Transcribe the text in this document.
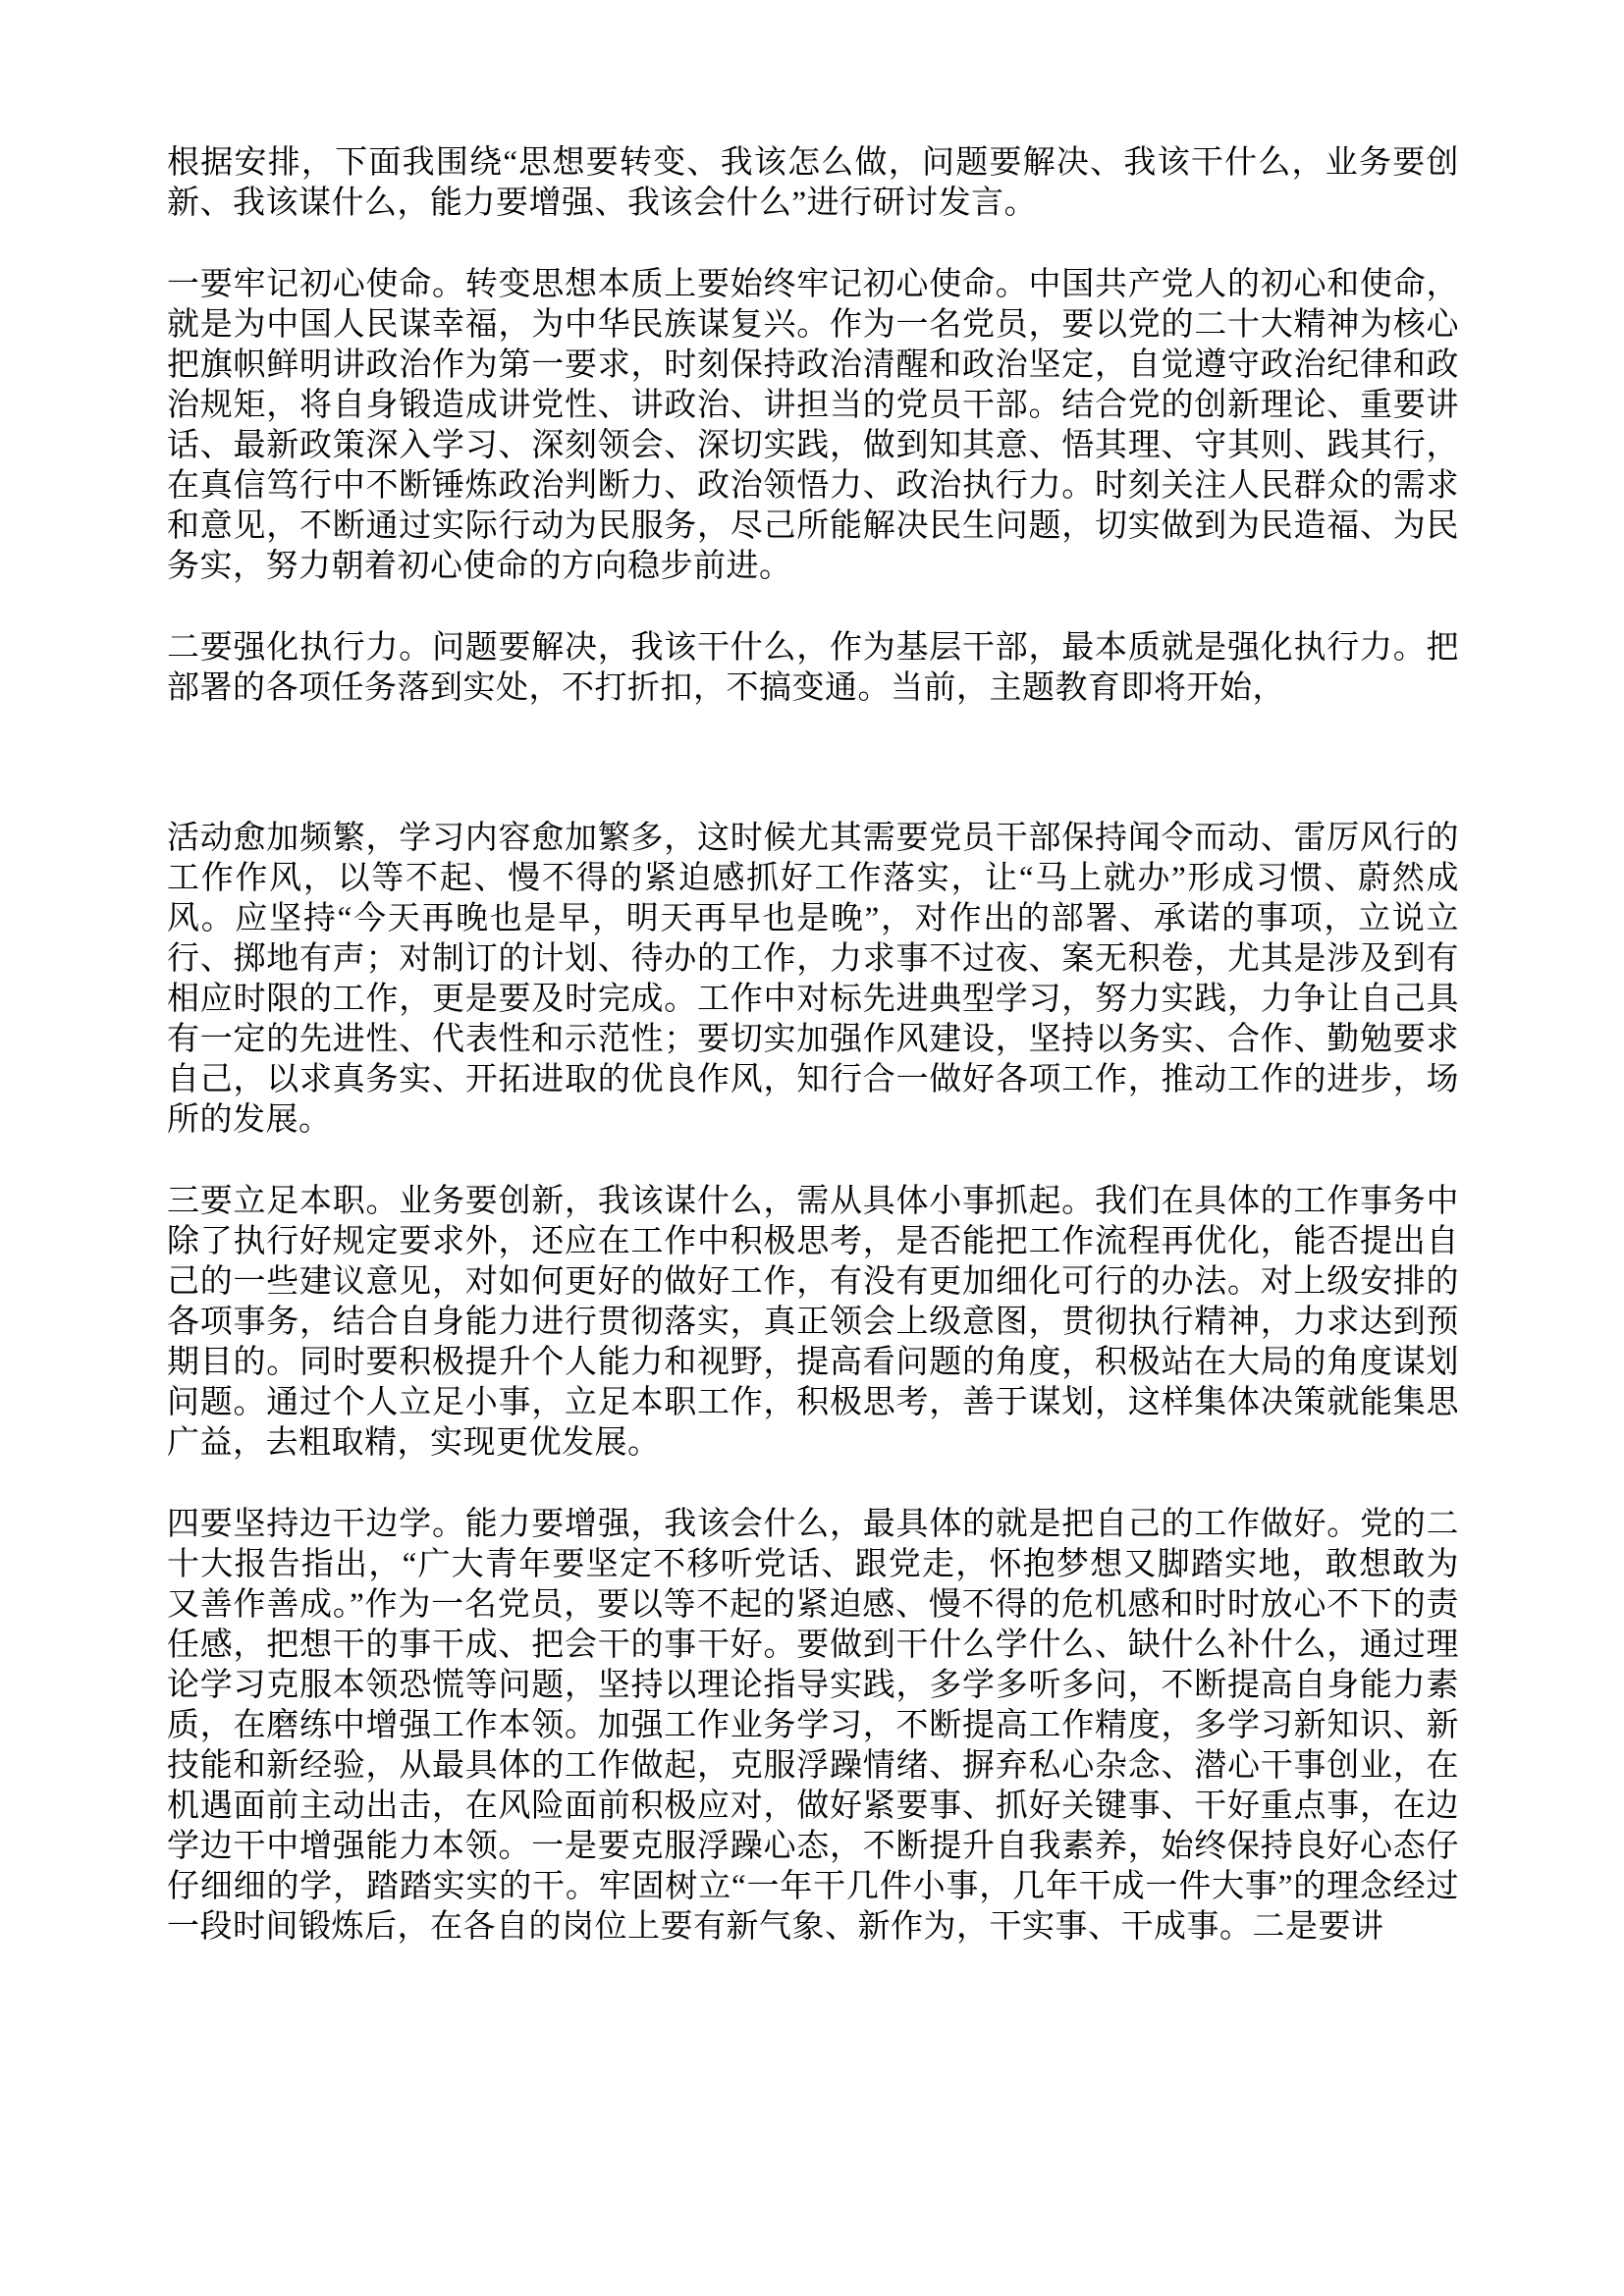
根据安排，下面我围绕“思想要转变、我该怎么做，问题要解决、我该干什么，业务要创新、我该谋什么，能力要增强、我该会什么”进行研讨发言。

一要牢记初心使命。转变思想本质上要始终牢记初心使命。中国共产党人的初心和使命，就是为中国人民谋幸福，为中华民族谋复兴。作为一名党员，要以党的二十大精神为核心把旗帜鲜明讲政治作为第一要求，时刻保持政治清醒和政治坚定，自觉遵守政治纪律和政治规矩，将自身锻造成讲党性、讲政治、讲担当的党员干部。结合党的创新理论、重要讲话、最新政策深入学习、深刻领会、深切实践，做到知其意、悟其理、守其则、践其行，在真信笃行中不断锤炼政治判断力、政治领悟力、政治执行力。时刻关注人民群众的需求和意见，不断通过实际行动为民服务，尽己所能解决民生问题，切实做到为民造福、为民务实，努力朝着初心使命的方向稳步前进。

二要强化执行力。问题要解决，我该干什么，作为基层干部，最本质就是强化执行力。把部署的各项任务落到实处，不打折扣，不搞变通。当前，主题教育即将开始，

活动愈加频繁，学习内容愈加繁多，这时候尤其需要党员干部保持闻令而动、雷厉风行的工作作风，以等不起、慢不得的紧迫感抓好工作落实，让“马上就办”形成习惯、蔚然成风。应坚持“今天再晚也是早，明天再早也是晚”，对作出的部署、承诺的事项，立说立行、掷地有声；对制订的计划、待办的工作，力求事不过夜、案无积卷，尤其是涉及到有相应时限的工作，更是要及时完成。工作中对标先进典型学习，努力实践，力争让自己具有一定的先进性、代表性和示范性；要切实加强作风建设，坚持以务实、合作、勤勉要求自己，以求真务实、开拓进取的优良作风，知行合一做好各项工作，推动工作的进步，场所的发展。

三要立足本职。业务要创新，我该谋什么，需从具体小事抓起。我们在具体的工作事务中除了执行好规定要求外，还应在工作中积极思考，是否能把工作流程再优化，能否提出自己的一些建议意见，对如何更好的做好工作，有没有更加细化可行的办法。对上级安排的各项事务，结合自身能力进行贯彻落实，真正领会上级意图，贯彻执行精神，力求达到预期目的。同时要积极提升个人能力和视野，提高看问题的角度，积极站在大局的角度谋划问题。通过个人立足小事，立足本职工作，积极思考，善于谋划，这样集体决策就能集思广益，去粗取精，实现更优发展。

四要坚持边干边学。能力要增强，我该会什么，最具体的就是把自己的工作做好。党的二十大报告指出，“广大青年要坚定不移听党话、跟党走，怀抱梦想又脚踏实地，敢想敢为又善作善成。”作为一名党员，要以等不起的紧迫感、慢不得的危机感和时时放心不下的责任感，把想干的事干成、把会干的事干好。要做到干什么学什么、缺什么补什么，通过理论学习克服本领恐慌等问题，坚持以理论指导实践，多学多听多问，不断提高自身能力素质，在磨练中增强工作本领。加强工作业务学习，不断提高工作精度，多学习新知识、新技能和新经验，从最具体的工作做起，克服浮躁情绪、摒弃私心杂念、潜心干事创业，在机遇面前主动出击，在风险面前积极应对，做好紧要事、抓好关键事、干好重点事，在边学边干中增强能力本领。一是要克服浮躁心态，不断提升自我素养，始终保持良好心态仔仔细细的学，踏踏实实的干。牢固树立“一年干几件小事，几年干成一件大事”的理念经过一段时间锻炼后，在各自的岗位上要有新气象、新作为，干实事、干成事。二是要讲
